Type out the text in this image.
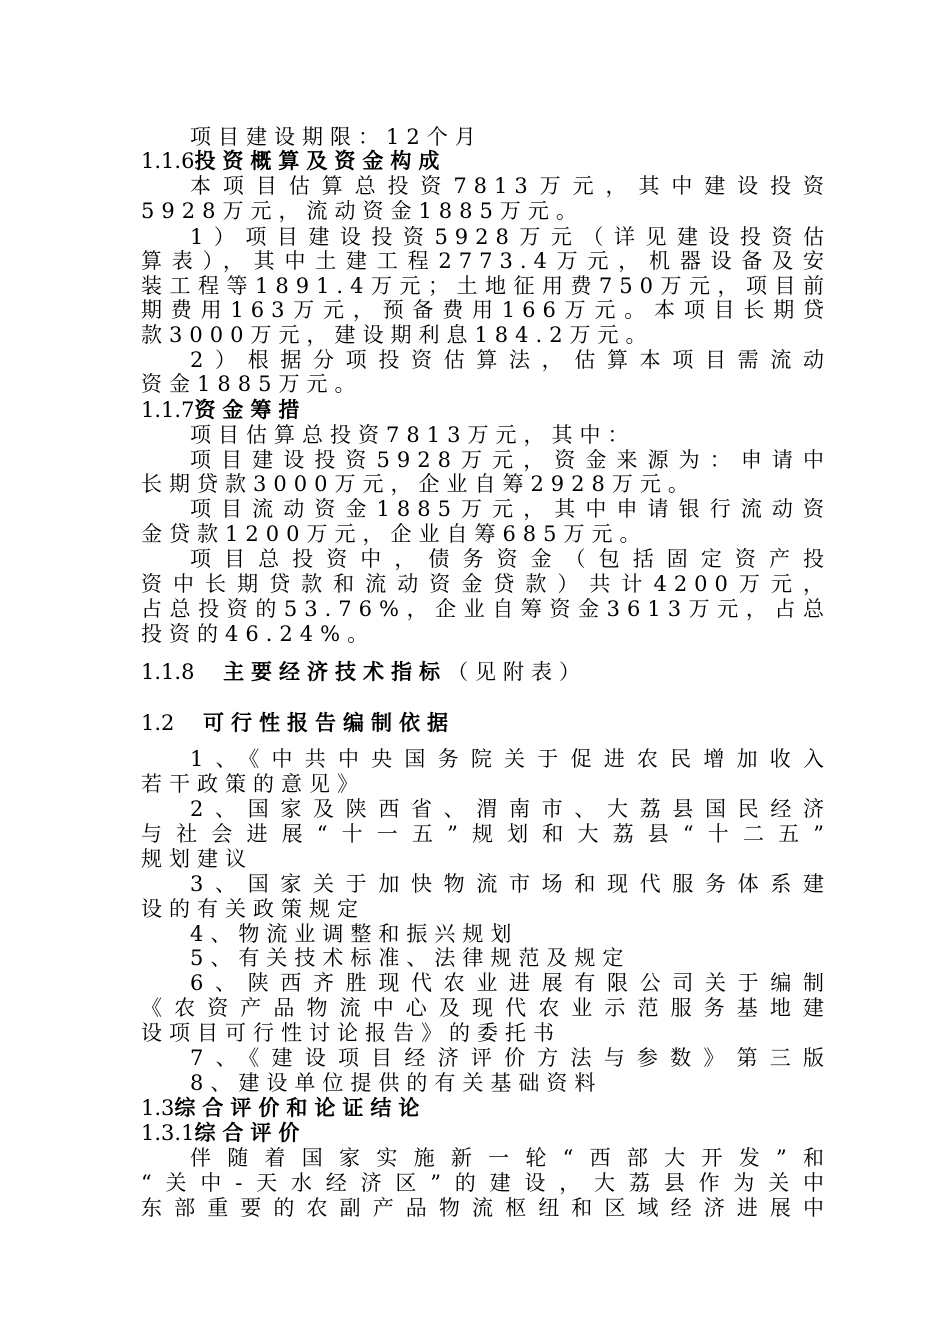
项目建设期限：12个月
1.1.6投资概算及资金构成
本项目估算总投资7813万元，其中建设投资
5928万元，流动资金1885万元。
1）项目建设投资5928万元（详见建设投资估
算表），其中土建工程2773.4万元，机器设备及安
装工程等1891.4万元；土地征用费750万元，项目前
期费用163万元，预备费用166万元。本项目长期贷
款3000万元，建设期利息184.2万元。
2）根据分项投资估算法，估算本项目需流动
资金1885万元。
1.1.7资金筹措
项目估算总投资7813万元，其中：
项目建设投资5928万元，资金来源为：申请中
长期贷款3000万元，企业自筹2928万元。
项目流动资金1885万元，其中申请银行流动资
金贷款1200万元，企业自筹685万元。
项目总投资中，债务资金（包括固定资产投
资中长期贷款和流动资金贷款）共计4200万元，
占总投资的53.76%，企业自筹资金3613万元，占总
投资的46.24%。
1.1.8 主要经济技术指标（见附表）
1.2 可行性报告编制依据
1、《中共中央国务院关于促进农民增加收入
若干政策的意见》
2、国家及陕西省、渭南市、大荔县国民经济
与社会进展“十一五”规划和大荔县“十二五”
规划建议
3、国家关于加快物流市场和现代服务体系建
设的有关政策规定
4、物流业调整和振兴规划
5、有关技术标准、法律规范及规定
6、陕西齐胜现代农业进展有限公司关于编制
《农资产品物流中心及现代农业示范服务基地建
设项目可行性讨论报告》的委托书
7、《建设项目经济评价方法与参数》第三版
8、建设单位提供的有关基础资料
1.3综合评价和论证结论
1.3.1综合评价
伴随着国家实施新一轮“西部大开发”和
“关中-天水经济区”的建设，大荔县作为关中
东部重要的农副产品物流枢纽和区域经济进展中
